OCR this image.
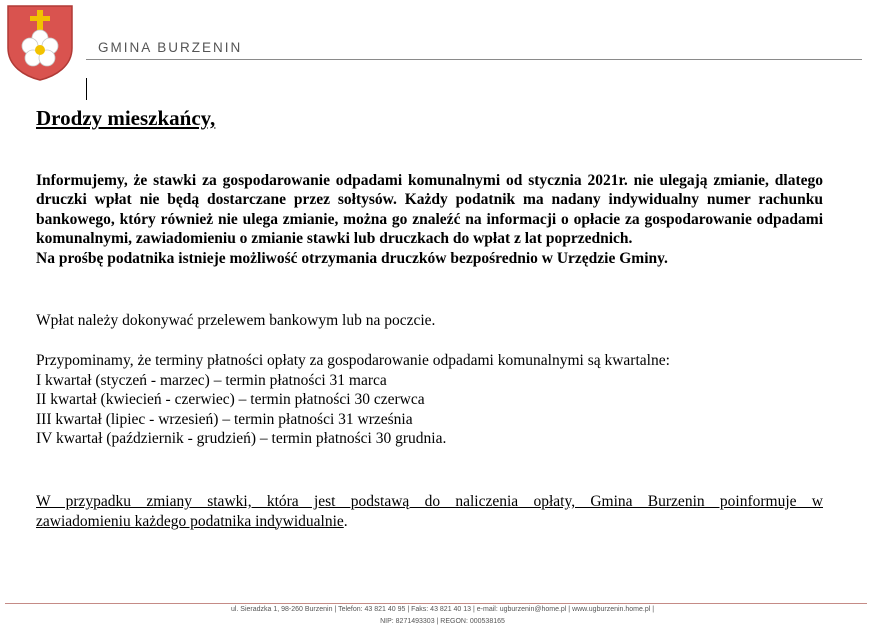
GMINA BURZENIN
Drodzy mieszkańcy,
Informujemy, że stawki za gospodarowanie odpadami komunalnymi od stycznia 2021r. nie ulegają zmianie, dlatego druczki wpłat nie będą dostarczane przez sołtysów. Każdy podatnik ma nadany indywidualny numer rachunku bankowego, który również nie ulega zmianie, można go znaleźć na informacji o opłacie za gospodarowanie odpadami komunalnymi, zawiadomieniu o zmianie stawki lub druczkach do wpłat z lat poprzednich.
Na prośbę podatnika istnieje możliwość otrzymania druczków bezpośrednio w Urzędzie Gminy.
Wpłat należy dokonywać przelewem bankowym lub na poczcie.
Przypominamy, że terminy płatności opłaty za gospodarowanie odpadami komunalnymi są kwartalne:
I kwartał (styczeń - marzec) – termin płatności 31 marca
II kwartał (kwiecień - czerwiec) – termin płatności 30 czerwca
III kwartał (lipiec - wrzesień) – termin płatności 31 września
IV kwartał (październik - grudzień) – termin płatności 30 grudnia.
W przypadku zmiany stawki, która jest podstawą do naliczenia opłaty, Gmina Burzenin poinformuje w
zawiadomieniu każdego podatnika indywidualnie.
ul. Sieradzka 1, 98-260 Burzenin | Telefon: 43 821 40 95 | Faks: 43 821 40 13 | e-mail: ugburzenin@home.pl | www.ugburzenin.home.pl |
NIP: 8271493303 | REGON: 000538165
